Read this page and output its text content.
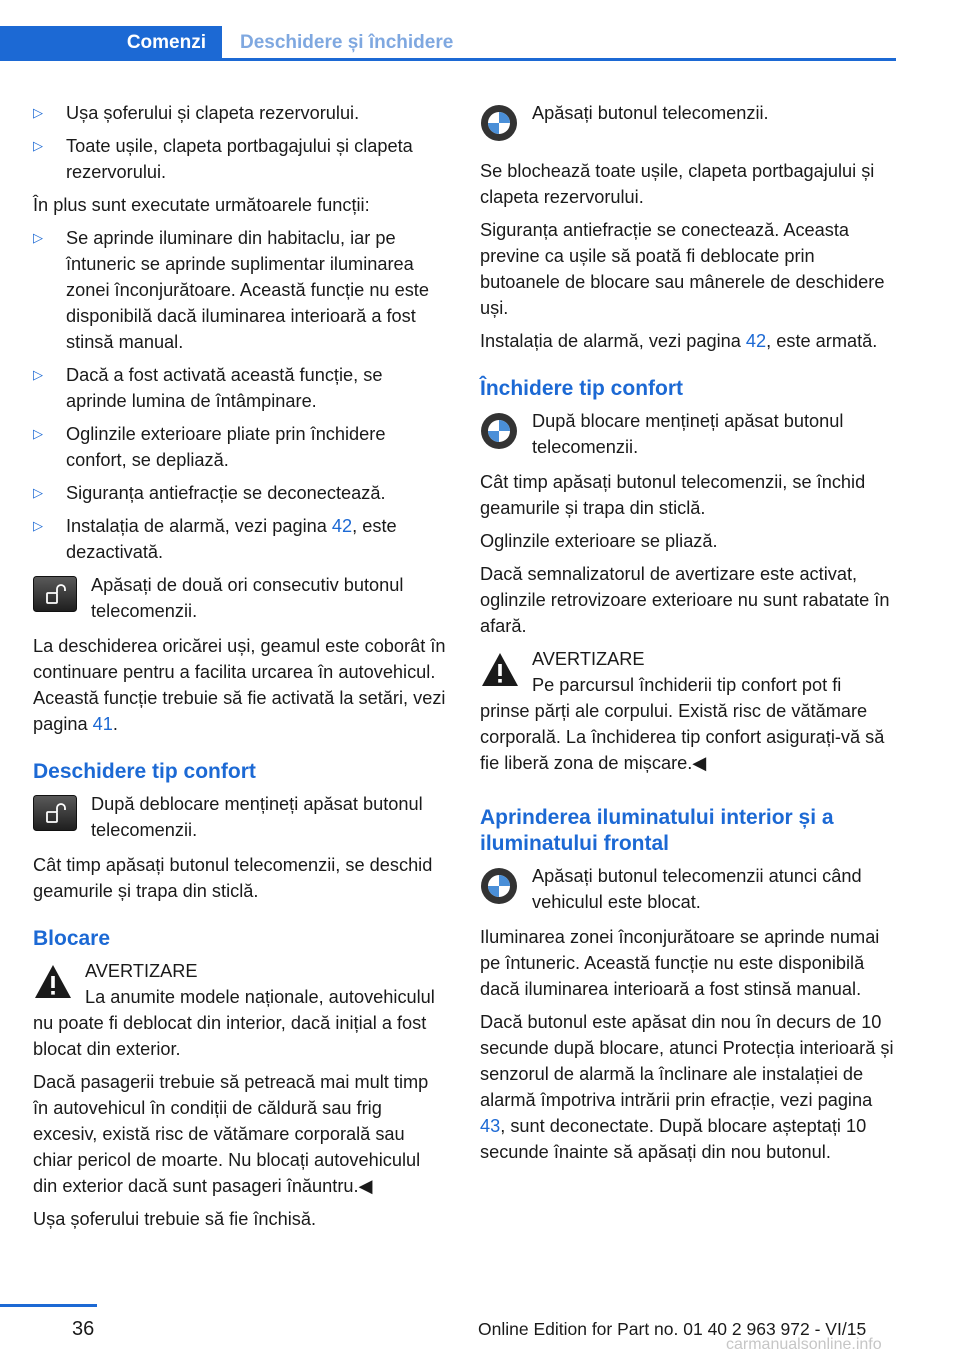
Comenzi	Deschidere și închidere
▷ Ușa șoferului și clapeta rezervorului.
▷ Toate ușile, clapeta portbagajului și clapeta rezervorului.

În plus sunt executate următoarele funcții:

▷ Se aprinde iluminare din habitaclu, iar pe întuneric se aprinde suplimentar iluminarea zonei înconjurătoare. Această funcție nu este disponibilă dacă iluminarea interioară a fost stinsă manual.
▷ Dacă a fost activată această funcție, se aprinde lumina de întâmpinare.
▷ Oglinzile exterioare pliate prin închidere confort, se depliază.
▷ Siguranța antiefracție se deconectează.
▷ Instalația de alarmă, vezi pagina 42, este dezactivată.
Apăsați de două ori consecutiv butonul telecomenzii.

La deschiderea oricărei uși, geamul este coborât în continuare pentru a facilita urcarea în autovehicul. Această funcție trebuie să fie activată la setări, vezi pagina 41.

Deschidere tip confort
După deblocare mențineți apăsat butonul telecomenzii.

Cât timp apăsați butonul telecomenzii, se deschid geamurile și trapa din sticlă.

Blocare

AVERTIZARE

La anumite modele naționale, autovehiculul nu poate fi deblocat din interior, dacă inițial a fost blocat din exterior.

Dacă pasagerii trebuie să petreacă mai mult timp în autovehicul în condiții de căldură sau frig excesiv, există risc de vătămare corporală sau chiar pericol de moarte. Nu blocați autovehiculul din exterior dacă sunt pasageri înăuntru.◀

Ușa șoferului trebuie să fie închisă.

Apăsați butonul telecomenzii.

Se blochează toate ușile, clapeta portbagajului și clapeta rezervorului.

Siguranța antiefracție se conectează. Aceasta previne ca ușile să poată fi deblocate prin butoanele de blocare sau mânerele de deschidere uși.

Instalația de alarmă, vezi pagina 42, este armată.

Închidere tip confort
După blocare mențineți apăsat butonul telecomenzii.

Cât timp apăsați butonul telecomenzii, se închid geamurile și trapa din sticlă.

Oglinzile exterioare se pliază.

Dacă semnalizatorul de avertizare este activat, oglinzile retrovizoare exterioare nu sunt rabatate în afară.

AVERTIZARE

Pe parcursul închiderii tip confort pot fi prinse părți ale corpului. Există risc de vătămare corporală. La închiderea tip confort asigurați-vă să fie liberă zona de mișcare.◀

Aprinderea iluminatului interior și a iluminatului frontal
Apăsați butonul telecomenzii atunci când vehiculul este blocat.

Iluminarea zonei înconjurătoare se aprinde numai pe întuneric. Această funcție nu este disponibilă dacă iluminarea interioară a fost stinsă manual.

Dacă butonul este apăsat din nou în decurs de 10 secunde după blocare, atunci Protecția interioară și senzorul de alarmă la înclinare ale instalației de alarmă împotriva intrării prin efracție, vezi pagina 43, sunt deconectate. După blocare așteptați 10 secunde înainte să apăsați din nou butonul.

36	Online Edition for Part no. 01 40 2 963 972 - VI/15
carmanualsonline.info
